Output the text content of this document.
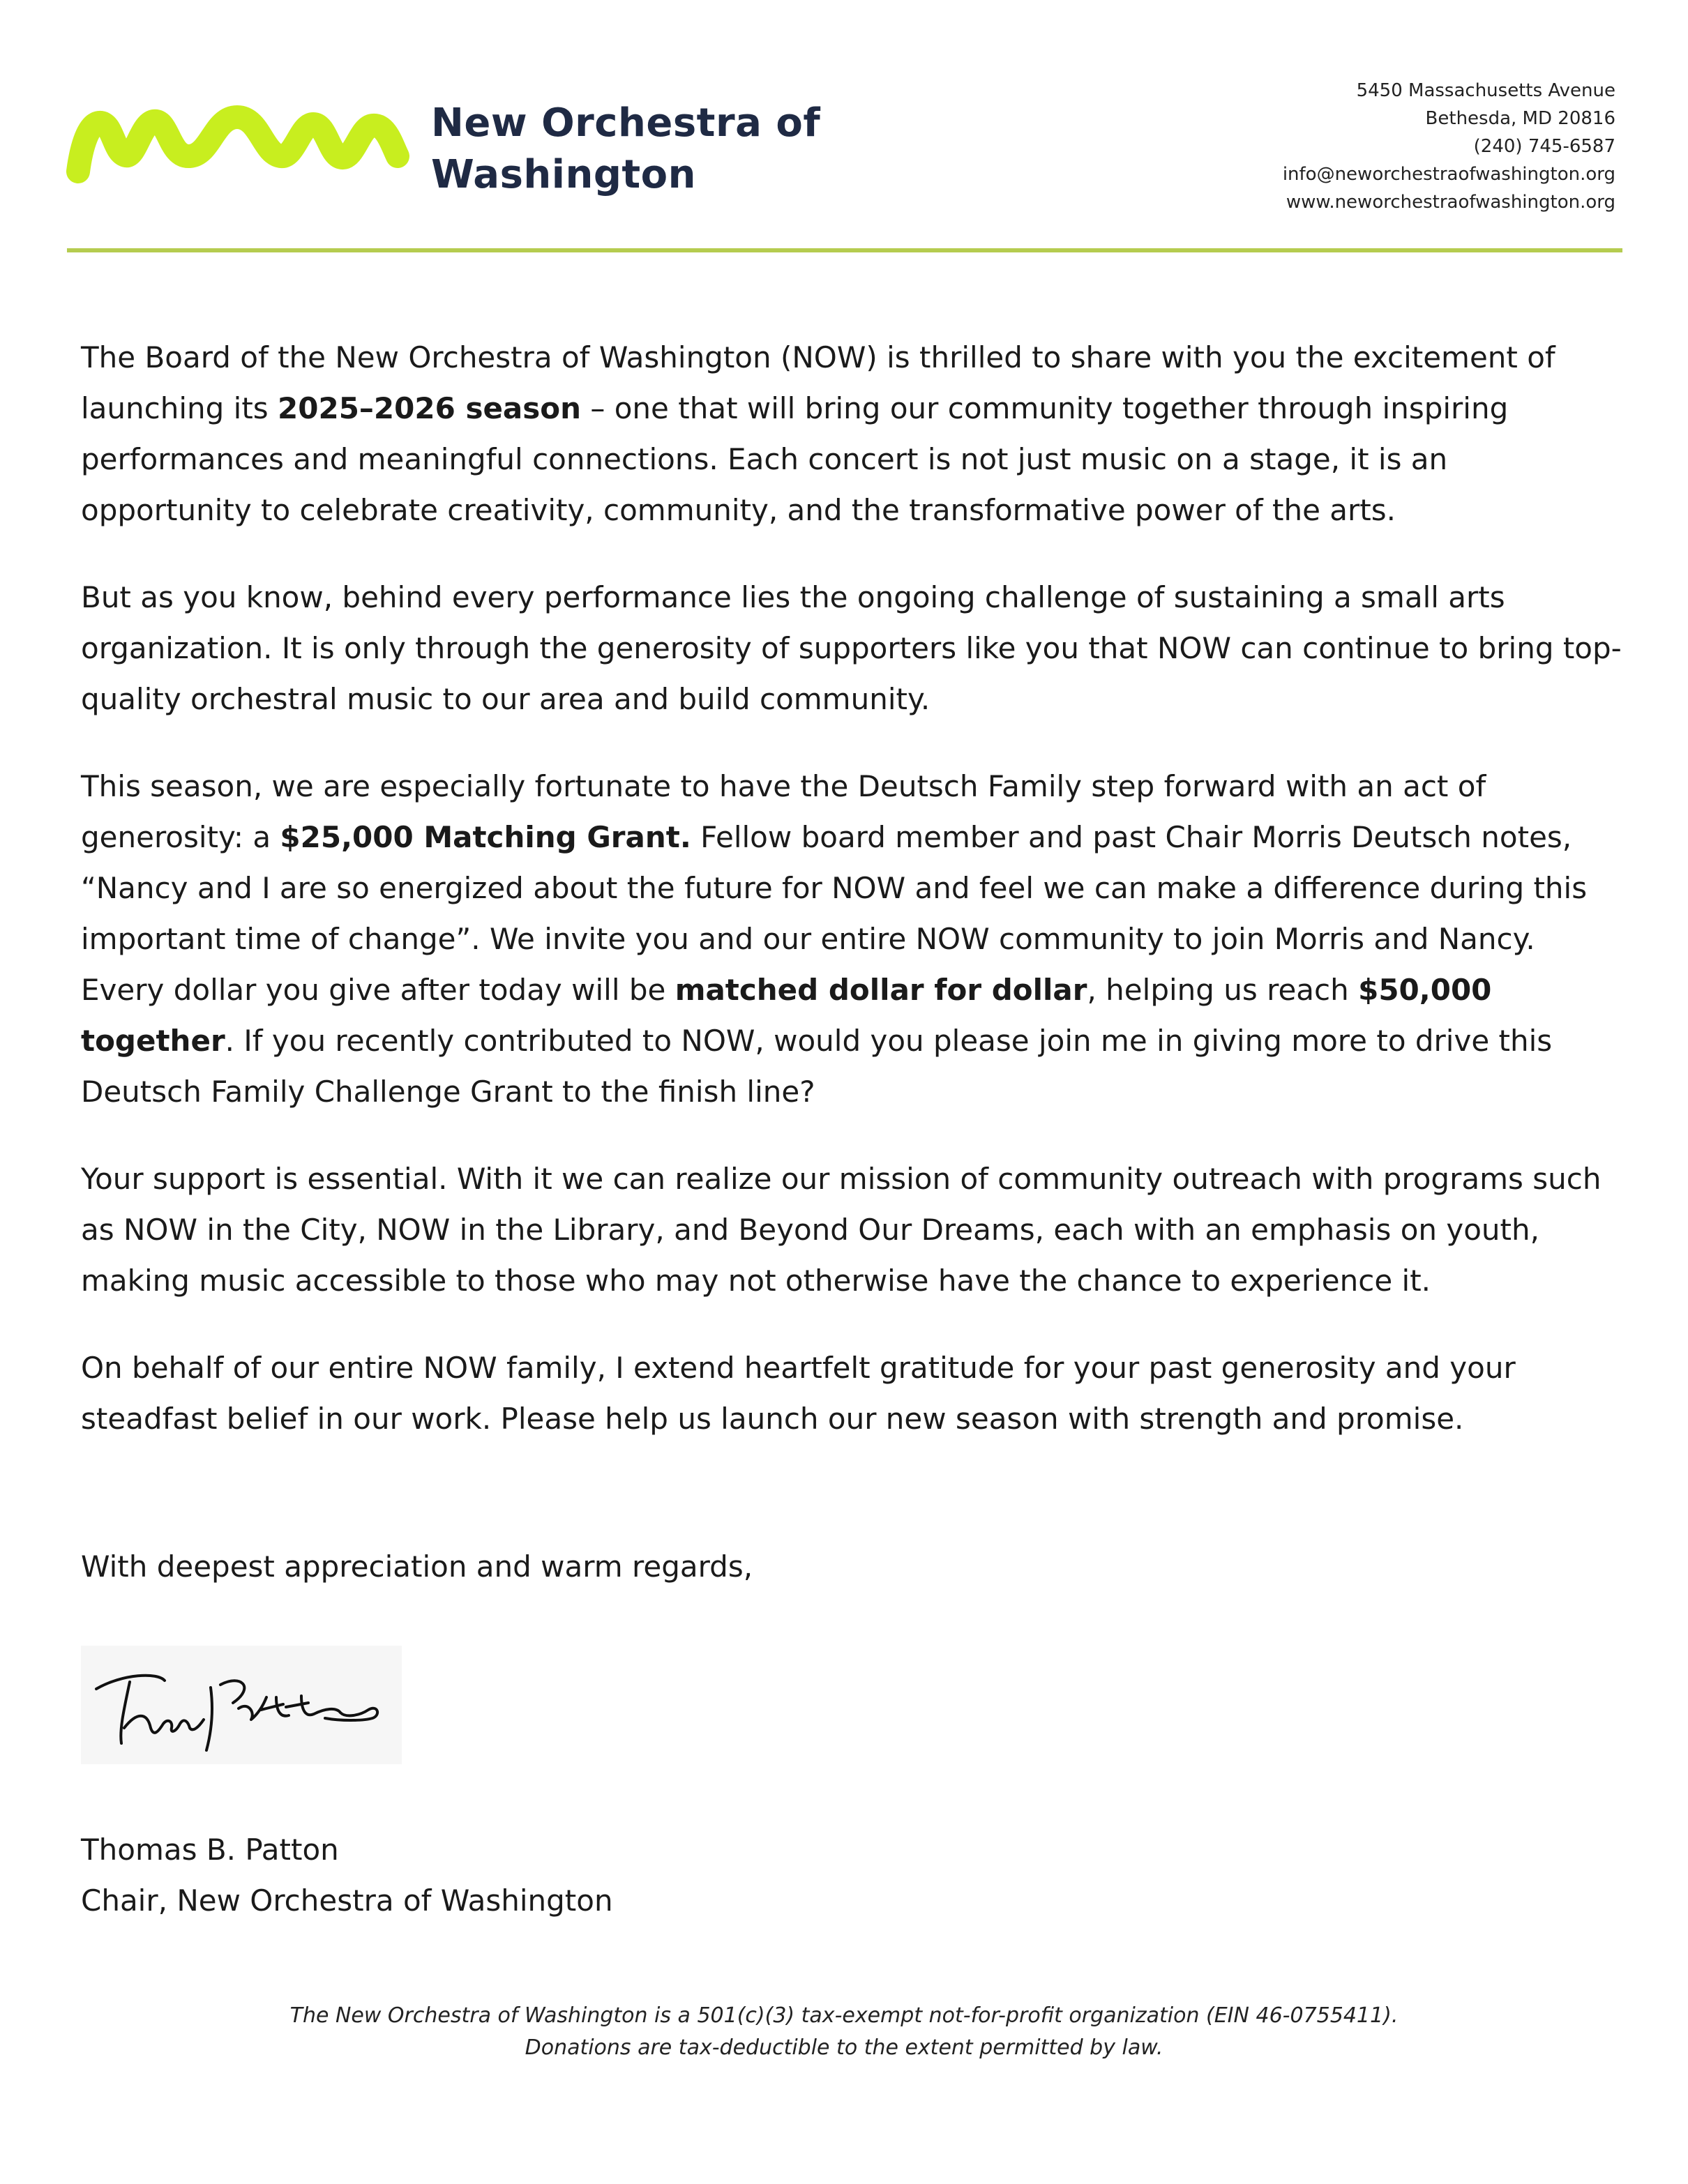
New Orchestra of
Washington
5450 Massachusetts Avenue
Bethesda, MD 20816
(240) 745-6587
info@neworchestraofwashington.org
www.neworchestraofwashington.org

The Board of the New Orchestra of Washington (NOW) is thrilled to share with you the excitement of launching its 2025–2026 season – one that will bring our community together through inspiring performances and meaningful connections. Each concert is not just music on a stage, it is an opportunity to celebrate creativity, community, and the transformative power of the arts.

But as you know, behind every performance lies the ongoing challenge of sustaining a small arts organization. It is only through the generosity of supporters like you that NOW can continue to bring top-quality orchestral music to our area and build community.

This season, we are especially fortunate to have the Deutsch Family step forward with an act of generosity: a $25,000 Matching Grant. Fellow board member and past Chair Morris Deutsch notes, “Nancy and I are so energized about the future for NOW and feel we can make a difference during this important time of change”. We invite you and our entire NOW community to join Morris and Nancy. Every dollar you give after today will be matched dollar for dollar, helping us reach $50,000 together. If you recently contributed to NOW, would you please join me in giving more to drive this Deutsch Family Challenge Grant to the finish line?

Your support is essential. With it we can realize our mission of community outreach with programs such as NOW in the City, NOW in the Library, and Beyond Our Dreams, each with an emphasis on youth, making music accessible to those who may not otherwise have the chance to experience it.

On behalf of our entire NOW family, I extend heartfelt gratitude for your past generosity and your steadfast belief in our work. Please help us launch our new season with strength and promise.

With deepest appreciation and warm regards,
Thomas B. Patton
Chair, New Orchestra of Washington
The New Orchestra of Washington is a 501(c)(3) tax-exempt not-for-profit organization (EIN 46-0755411).
Donations are tax-deductible to the extent permitted by law.
